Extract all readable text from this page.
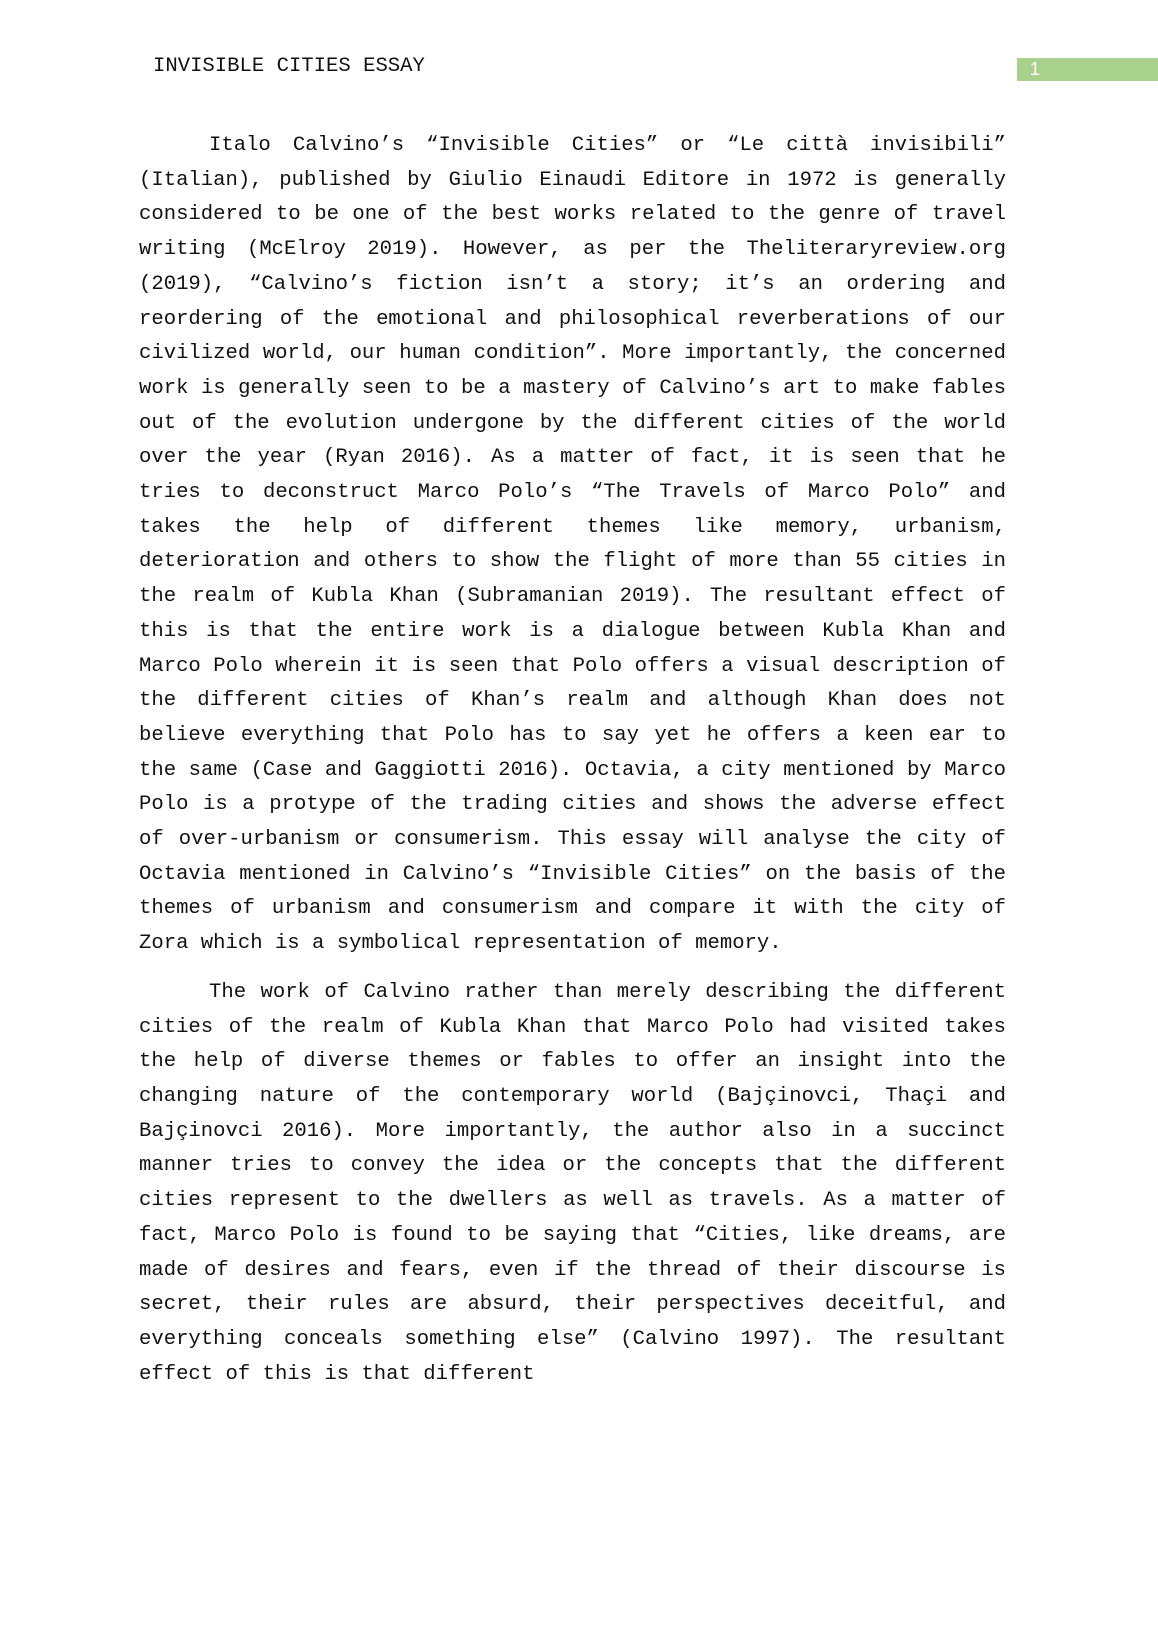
INVISIBLE CITIES ESSAY	1

Italo Calvino’s “Invisible Cities” or “Le città invisibili” (Italian), published by Giulio Einaudi Editore in 1972 is generally considered to be one of the best works related to the genre of travel writing (McElroy 2019). However, as per the Theliteraryreview.org (2019), “Calvino’s fiction isn’t a story; it’s an ordering and reordering of the emotional and philosophical reverberations of our civilized world, our human condition”. More importantly, the concerned work is generally seen to be a mastery of Calvino’s art to make fables out of the evolution undergone by the different cities of the world over the year (Ryan 2016). As a matter of fact, it is seen that he tries to deconstruct Marco Polo’s “The Travels of Marco Polo” and takes the help of different themes like memory, urbanism, deterioration and others to show the flight of more than 55 cities in the realm of Kubla Khan (Subramanian 2019). The resultant effect of this is that the entire work is a dialogue between Kubla Khan and Marco Polo wherein it is seen that Polo offers a visual description of the different cities of Khan’s realm and although Khan does not believe everything that Polo has to say yet he offers a keen ear to the same (Case and Gaggiotti 2016). Octavia, a city mentioned by Marco Polo is a protype of the trading cities and shows the adverse effect of over-urbanism or consumerism. This essay will analyse the city of Octavia mentioned in Calvino’s “Invisible Cities” on the basis of the themes of urbanism and consumerism and compare it with the city of Zora which is a symbolical representation of memory.

The work of Calvino rather than merely describing the different cities of the realm of Kubla Khan that Marco Polo had visited takes the help of diverse themes or fables to offer an insight into the changing nature of the contemporary world (Bajçinovci, Thaçi and Bajçinovci 2016). More importantly, the author also in a succinct manner tries to convey the idea or the concepts that the different cities represent to the dwellers as well as travels. As a matter of fact, Marco Polo is found to be saying that “Cities, like dreams, are made of desires and fears, even if the thread of their discourse is secret, their rules are absurd, their perspectives deceitful, and everything conceals something else” (Calvino 1997). The resultant effect of this is that different
